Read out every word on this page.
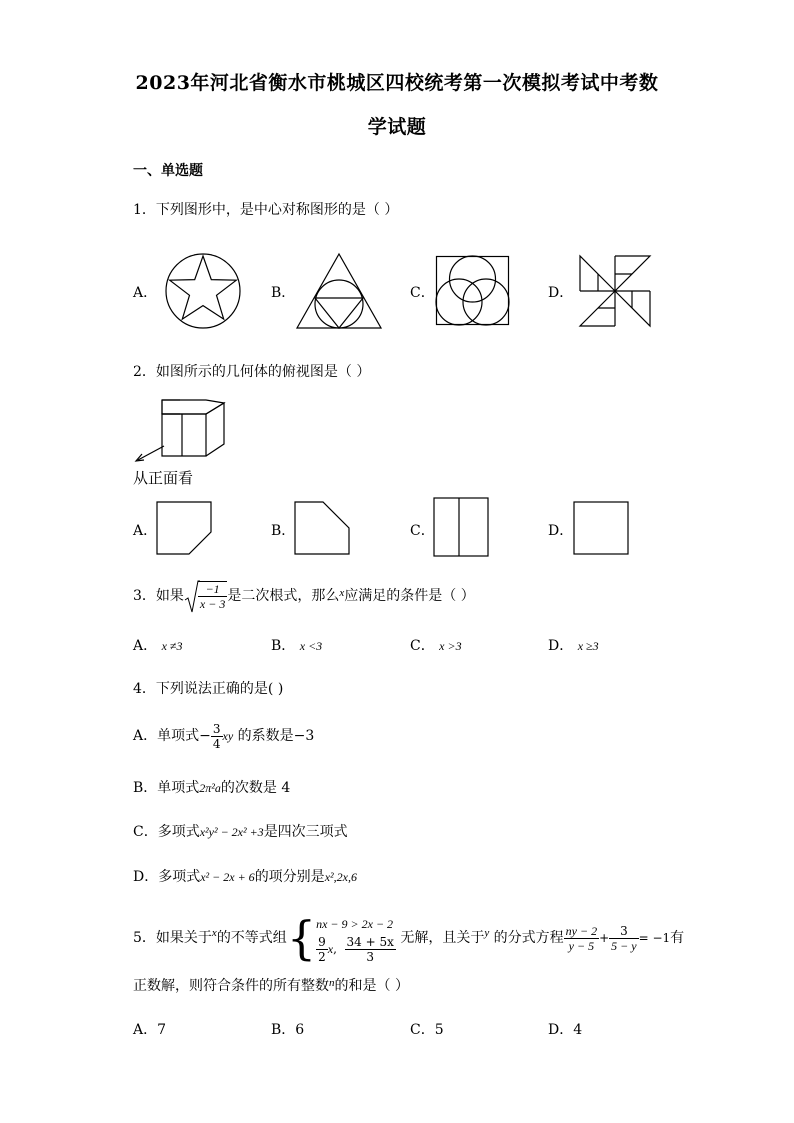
2023年河北省衡水市桃城区四校统考第一次模拟考试中考数
学试题
一、单选题
1．下列图形中，是中心对称图形的是（ ）
A．	B．	C．	D．
2．如图所示的几何体的俯视图是（ ）
从正面看
A．	B．	C．	D．
3．如果 $\frac{-1}{x - 3}$ 是二次根式，那么$^x$应满足的条件是（ ）
A． x ≠3	B． x <3	C． x >3	D． x ≥3
4．下列说法正确的是( )
A．单项式− $\frac{3}{4}$ xy 的系数是−3
B．单项式2π²a的次数是 4
C．多项式x²y² − 2x² +3是四次三项式
D．多项式x² − 2x + 6的项分别是x²,2x,6
5．如果关于$^x$的不等式组{ nx − 9 > 2x − 2
$\frac{9}{2} x$, $\frac{34 + 5x}{3}$ 无解，且关于$^y$ 的分式方程 $\frac{ny - 2}{y - 5} + \frac{3}{5 - y} = -1$有
正数解，则符合条件的所有整数$^n$的和是（ ）
A．7	B．6	C．5	D．4
